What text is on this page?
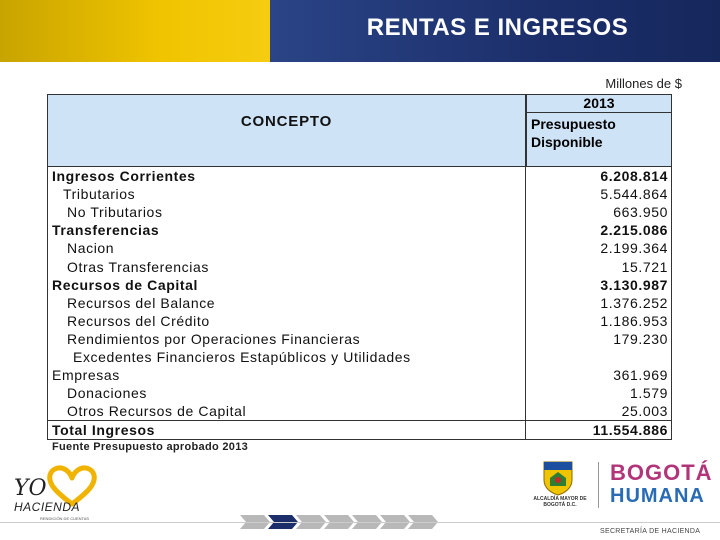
RENTAS E INGRESOS
Millones de $
CONCEPTO
2013
Presupuesto
Disponible
Ingresos Corrientes	6.208.814
Tributarios	5.544.864
No Tributarios	663.950
Transferencias	2.215.086
Nacion	2.199.364
Otras Transferencias	15.721
Recursos de Capital	3.130.987
Recursos del Balance	1.376.252
Recursos del Crédito	1.186.953
Rendimientos por Operaciones Financieras	179.230
Excedentes Financieros Estapúblicos y Utilidades
Empresas	361.969
Donaciones	1.579
Otros Recursos de Capital	25.003
Total Ingresos	11.554.886
Fuente Presupuesto aprobado 2013
YO
HACIENDA
RENDICIÓN DE CUENTAS
ALCALDÍA MAYOR DE BOGOTÁ D.C.
BOGOTÁ
HUMANA
SECRETARÍA DE HACIENDA
